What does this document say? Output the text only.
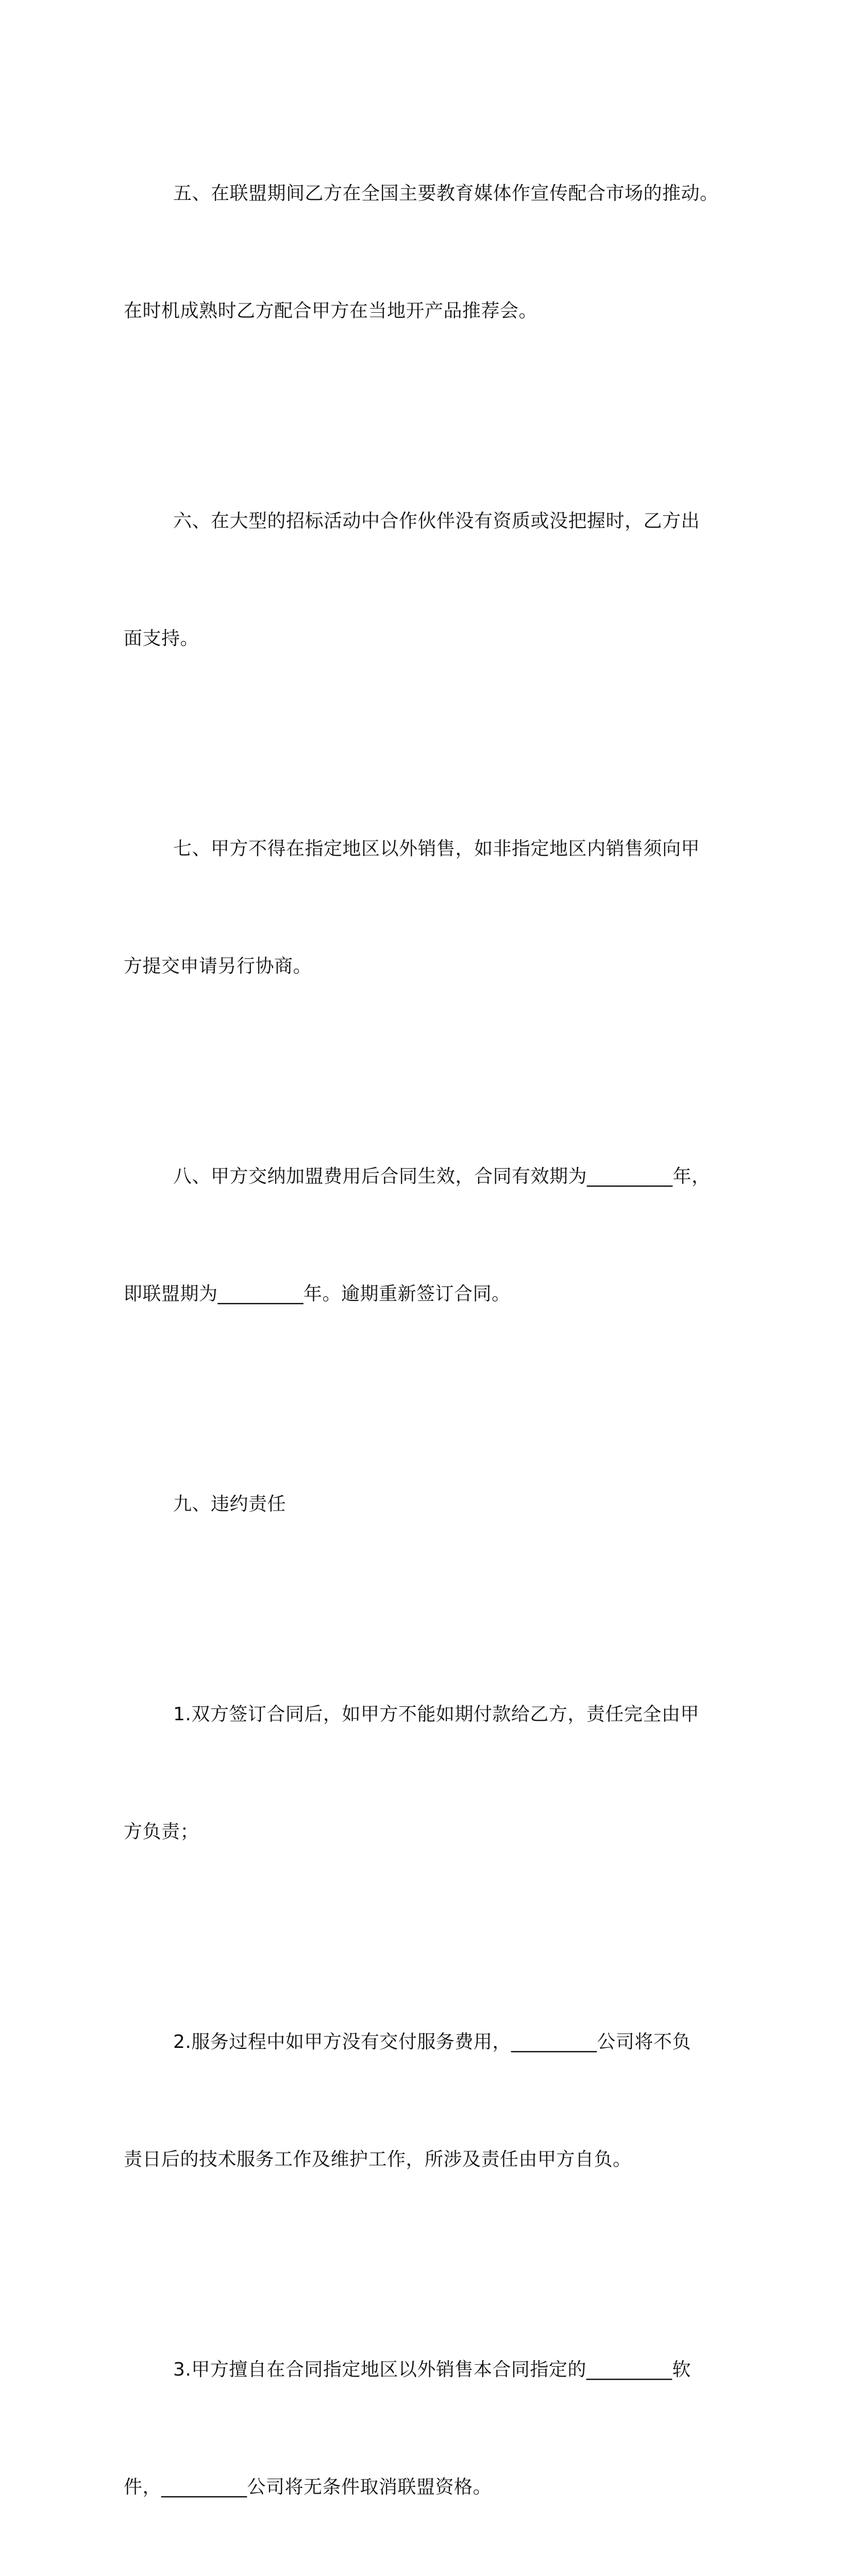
五、在联盟期间乙方在全国主要教育媒体作宣传配合市场的推动。

在时机成熟时乙方配合甲方在当地开产品推荐会。

六、在大型的招标活动中合作伙伴没有资质或没把握时，乙方出

面支持。

七、甲方不得在指定地区以外销售，如非指定地区内销售须向甲

方提交申请另行协商。

八、甲方交纳加盟费用后合同生效，合同有效期为_________年，

即联盟期为_________年。逾期重新签订合同。

九、违约责任

1.双方签订合同后，如甲方不能如期付款给乙方，责任完全由甲

方负责；

2.服务过程中如甲方没有交付服务费用，_________公司将不负

责日后的技术服务工作及维护工作，所涉及责任由甲方自负。

3.甲方擅自在合同指定地区以外销售本合同指定的_________软

件，_________公司将无条件取消联盟资格。
